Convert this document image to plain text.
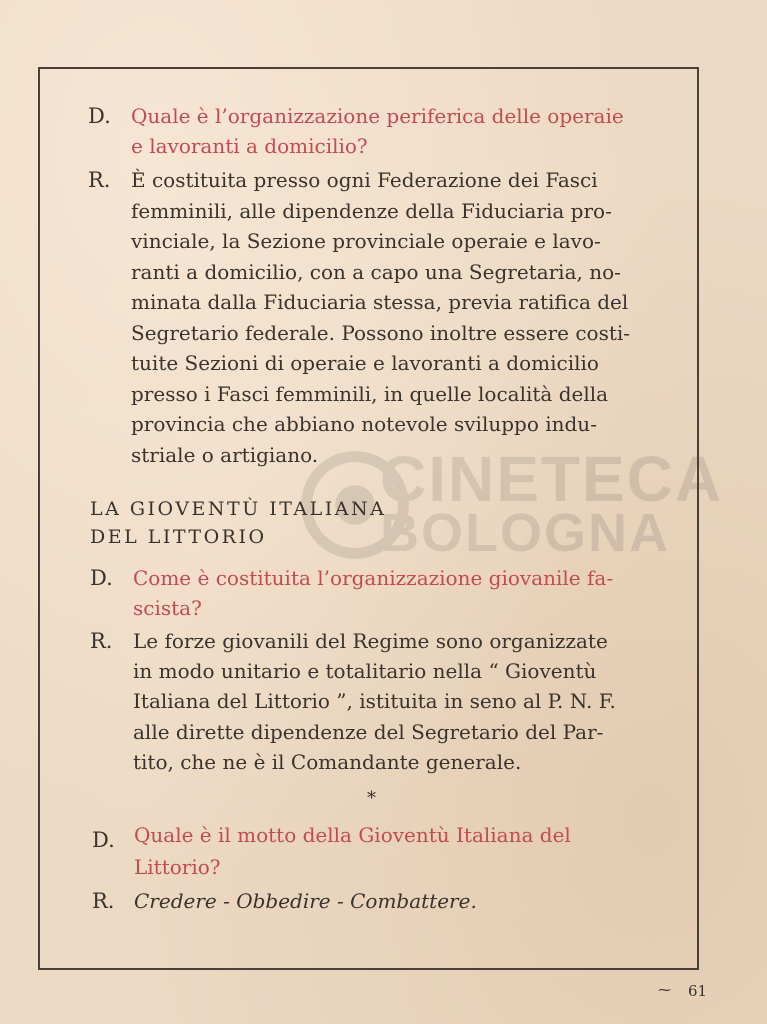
CINETECA
BOLOGNA
D. Quale è l’organizzazione periferica delle operaie
e lavoranti a domicilio?
R. È costituita presso ogni Federazione dei Fasci
femminili, alle dipendenze della Fiduciaria pro-
vinciale, la Sezione provinciale operaie e lavo-
ranti a domicilio, con a capo una Segretaria, no-
minata dalla Fiduciaria stessa, previa ratifica del
Segretario federale. Possono inoltre essere costi-
tuite Sezioni di operaie e lavoranti a domicilio
presso i Fasci femminili, in quelle località della
provincia che abbiano notevole sviluppo indu-
striale o artigiano.
LA GIOVENTÙ ITALIANA
DEL LITTORIO
D. Come è costituita l’organizzazione giovanile fa-
scista?
R. Le forze giovanili del Regime sono organizzate
in modo unitario e totalitario nella “ Gioventù
Italiana del Littorio ”, istituita in seno al P. N. F.
alle dirette dipendenze del Segretario del Par-
tito, che ne è il Comandante generale.
*
D. Quale è il motto della Gioventù Italiana del
Littorio?
R. Credere - Obbedire - Combattere.
⁓ 61
